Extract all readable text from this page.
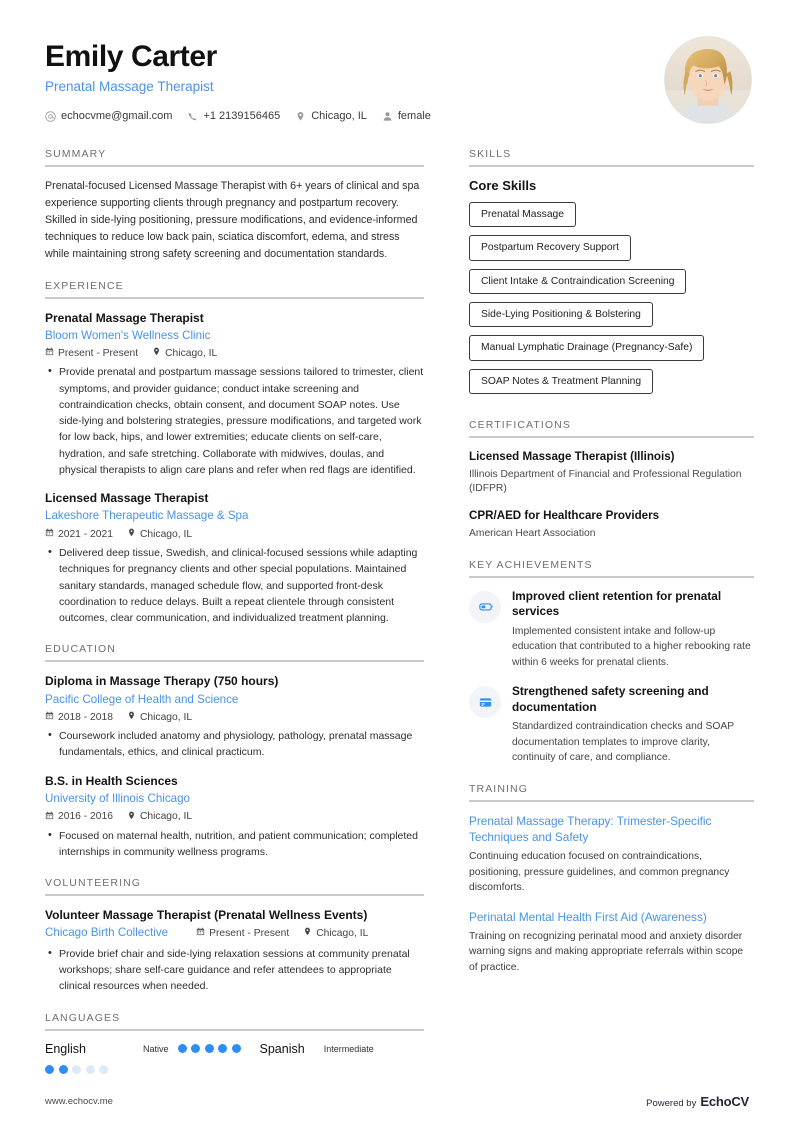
Emily Carter
Prenatal Massage Therapist
echocvme@gmail.com	+1 2139156465	Chicago, IL	female
SUMMARY
Prenatal-focused Licensed Massage Therapist with 6+ years of clinical and spa experience supporting clients through pregnancy and postpartum recovery. Skilled in side-lying positioning, pressure modifications, and evidence-informed techniques to reduce low back pain, sciatica discomfort, edema, and stress while maintaining strong safety screening and documentation standards.
EXPERIENCE
Prenatal Massage Therapist
Bloom Women's Wellness Clinic
Present - Present	Chicago, IL
• Provide prenatal and postpartum massage sessions tailored to trimester, client symptoms, and provider guidance; conduct intake screening and contraindication checks, obtain consent, and document SOAP notes. Use side-lying and bolstering strategies, pressure modifications, and targeted work for low back, hips, and lower extremities; educate clients on self-care, hydration, and safe stretching. Collaborate with midwives, doulas, and physical therapists to align care plans and refer when red flags are identified.
Licensed Massage Therapist
Lakeshore Therapeutic Massage & Spa
2021 - 2021	Chicago, IL
• Delivered deep tissue, Swedish, and clinical-focused sessions while adapting techniques for pregnancy clients and other special populations. Maintained sanitary standards, managed schedule flow, and supported front-desk coordination to reduce delays. Built a repeat clientele through consistent outcomes, clear communication, and individualized treatment planning.
EDUCATION
Diploma in Massage Therapy (750 hours)
Pacific College of Health and Science
2018 - 2018	Chicago, IL
• Coursework included anatomy and physiology, pathology, prenatal massage fundamentals, ethics, and clinical practicum.
B.S. in Health Sciences
University of Illinois Chicago
2016 - 2016	Chicago, IL
• Focused on maternal health, nutrition, and patient communication; completed internships in community wellness programs.
VOLUNTEERING
Volunteer Massage Therapist (Prenatal Wellness Events)
Chicago Birth Collective	Present - Present	Chicago, IL
• Provide brief chair and side-lying relaxation sessions at community prenatal workshops; share self-care guidance and refer attendees to appropriate clinical resources when needed.
LANGUAGES
English	Native	Spanish Intermediate
SKILLS
Core Skills
Prenatal Massage
Postpartum Recovery Support
Client Intake & Contraindication Screening
Side-Lying Positioning & Bolstering
Manual Lymphatic Drainage (Pregnancy-Safe)
SOAP Notes & Treatment Planning
CERTIFICATIONS
Licensed Massage Therapist (Illinois)
Illinois Department of Financial and Professional Regulation (IDFPR)
CPR/AED for Healthcare Providers
American Heart Association
KEY ACHIEVEMENTS
Improved client retention for prenatal services
Implemented consistent intake and follow-up education that contributed to a higher rebooking rate within 6 weeks for prenatal clients.
Strengthened safety screening and documentation
Standardized contraindication checks and SOAP documentation templates to improve clarity, continuity of care, and compliance.
TRAINING
Prenatal Massage Therapy: Trimester-Specific Techniques and Safety
Continuing education focused on contraindications, positioning, pressure guidelines, and common pregnancy discomforts.
Perinatal Mental Health First Aid (Awareness)
Training on recognizing perinatal mood and anxiety disorder warning signs and making appropriate referrals within scope of practice.
www.echocv.me	Powered by EchoCV
